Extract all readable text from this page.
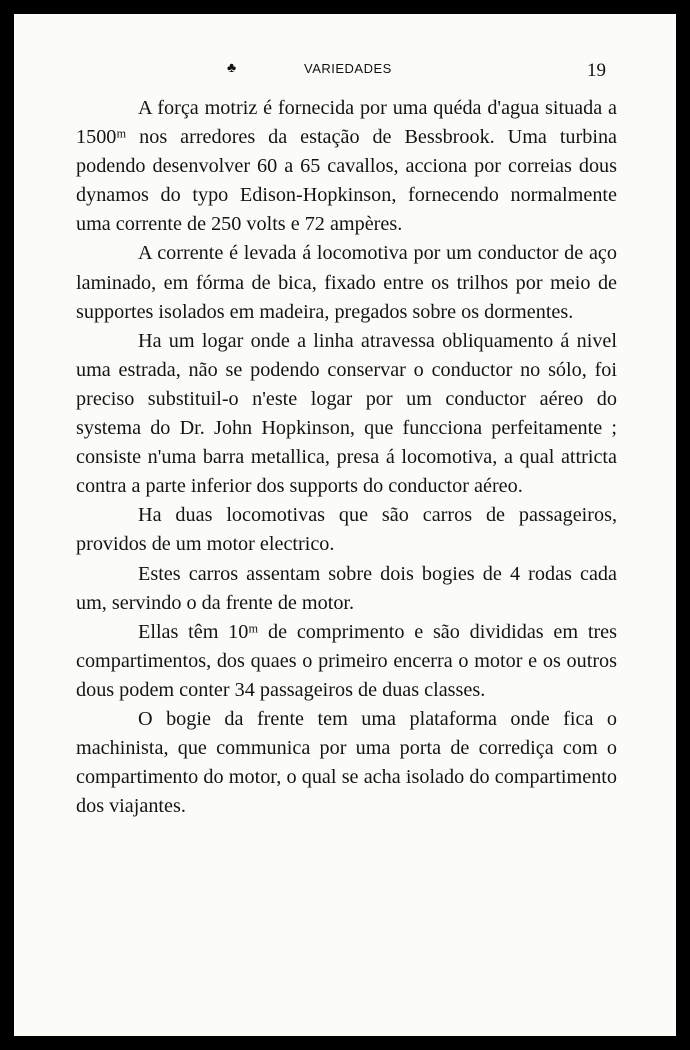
♣	VARIEDADES	19

A força motriz é fornecida por uma quéda d'agua situada a 1500ᵐ nos arredores da estação de Bessbrook. Uma turbina podendo desenvolver 60 a 65 cavallos, acciona por correias dous dynamos do typo Edison-Hopkinson, fornecendo normalmente uma corrente de 250 volts e 72 ampères.

A corrente é levada á locomotiva por um conductor de aço laminado, em fórma de bica, fixado entre os trilhos por meio de supportes isolados em madeira, pregados sobre os dormentes.

Ha um logar onde a linha atravessa obliquamento á nivel uma estrada, não se podendo conservar o conductor no sólo, foi preciso substituil-o n'este logar por um conductor aéreo do systema do Dr. John Hopkinson, que funcciona perfeitamente ; consiste n'uma barra metallica, presa á locomotiva, a qual attricta contra a parte inferior dos supports do conductor aéreo.

Ha duas locomotivas que são carros de passageiros, providos de um motor electrico.

Estes carros assentam sobre dois bogies de 4 rodas cada um, servindo o da frente de motor.

Ellas têm 10ᵐ de comprimento e são divididas em tres compartimentos, dos quaes o primeiro encerra o motor e os outros dous podem conter 34 passageiros de duas classes.

O bogie da frente tem uma plataforma onde fica o machinista, que communica por uma porta de corrediça com o compartimento do motor, o qual se acha isolado do compartimento dos viajantes.
